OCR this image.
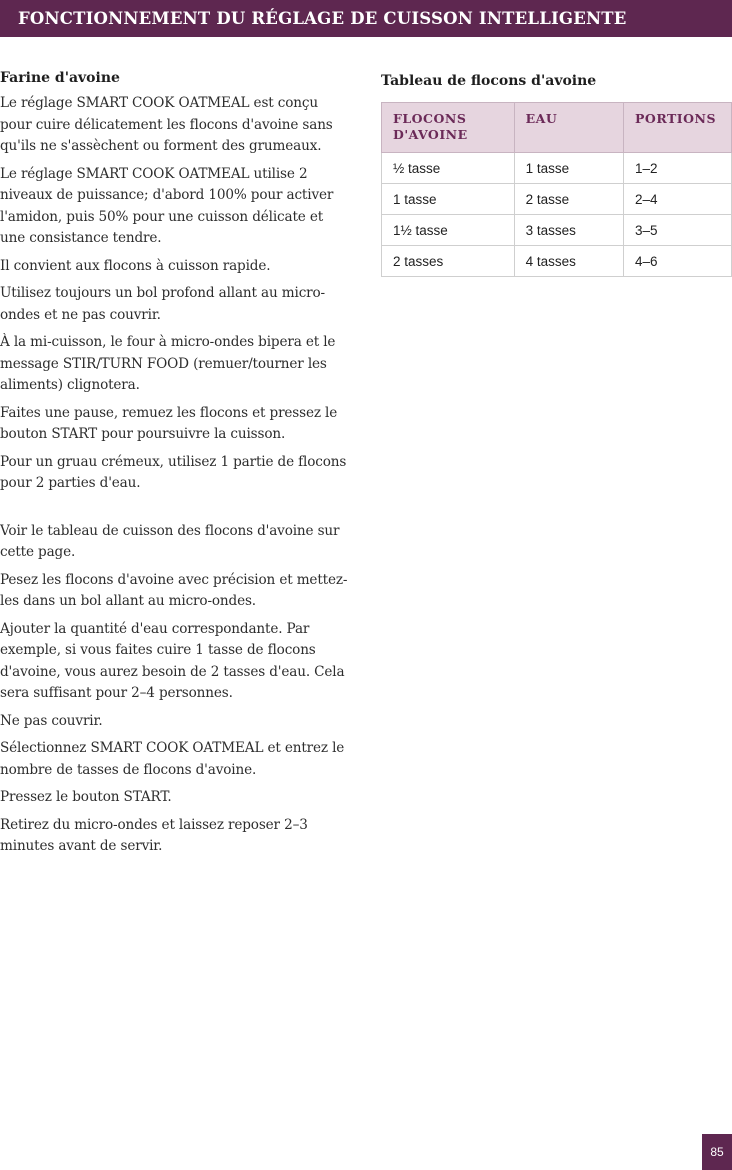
FONCTIONNEMENT DU RÉGLAGE DE CUISSON INTELLIGENTE
Farine d'avoine

Le réglage SMART COOK OATMEAL est conçu pour cuire délicatement les flocons d'avoine sans qu'ils ne s'assèchent ou forment des grumeaux.

Le réglage SMART COOK OATMEAL utilise 2 niveaux de puissance; d'abord 100% pour activer l'amidon, puis 50% pour une cuisson délicate et une consistance tendre.

Il convient aux flocons à cuisson rapide.

Utilisez toujours un bol profond allant au micro-ondes et ne pas couvrir.

À la mi-cuisson, le four à micro-ondes bipera et le message STIR/TURN FOOD (remuer/tourner les aliments) clignotera.

Faites une pause, remuez les flocons et pressez le bouton START pour poursuivre la cuisson.

Pour un gruau crémeux, utilisez 1 partie de flocons pour 2 parties d'eau.

Voir le tableau de cuisson des flocons d'avoine sur cette page.

Pesez les flocons d'avoine avec précision et mettez-les dans un bol allant au micro-ondes.

Ajouter la quantité d'eau correspondante. Par exemple, si vous faites cuire 1 tasse de flocons d'avoine, vous aurez besoin de 2 tasses d'eau. Cela sera suffisant pour 2–4 personnes.

Ne pas couvrir.

Sélectionnez SMART COOK OATMEAL et entrez le nombre de tasses de flocons d'avoine.

Pressez le bouton START.

Retirez du micro-ondes et laissez reposer 2–3 minutes avant de servir.

Tableau de flocons d'avoine
FLOCONS D'AVOINE	EAU	PORTIONS
½ tasse	1 tasse	1–2
1 tasse	2 tasse	2–4
1½ tasse	3 tasses	3–5
2 tasses	4 tasses	4–6
85
